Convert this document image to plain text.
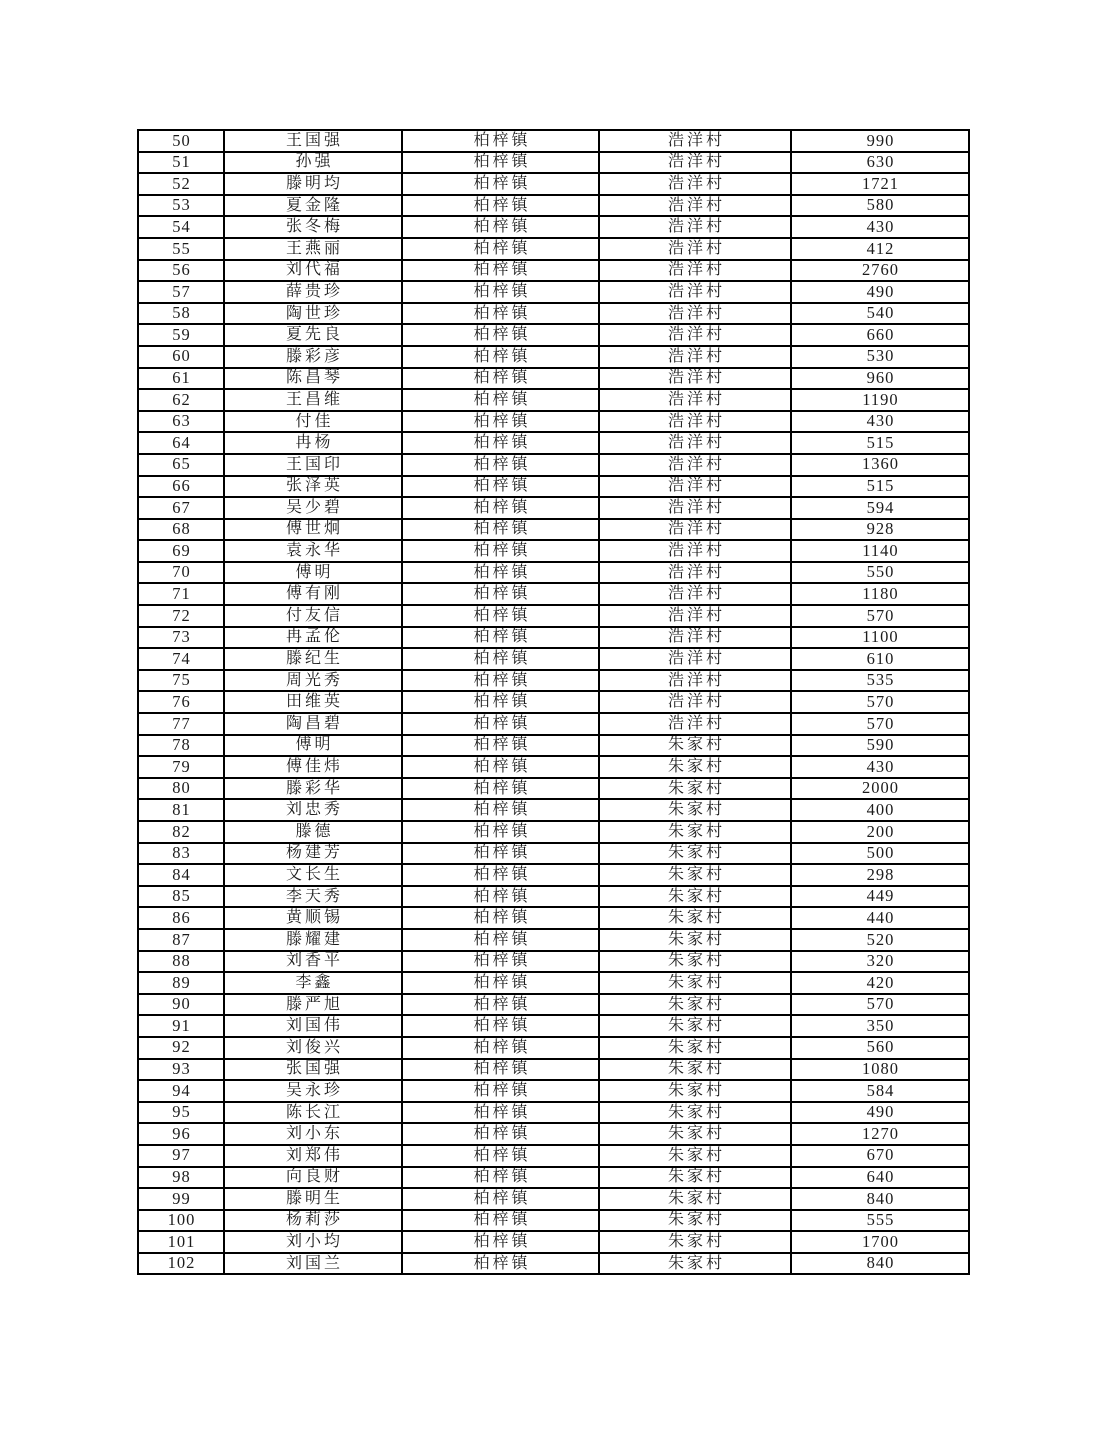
50	王国强	柏梓镇	浩洋村	990
51	孙强	柏梓镇	浩洋村	630
52	滕明均	柏梓镇	浩洋村	1721
53	夏金隆	柏梓镇	浩洋村	580
54	张冬梅	柏梓镇	浩洋村	430
55	王燕丽	柏梓镇	浩洋村	412
56	刘代福	柏梓镇	浩洋村	2760
57	薛贵珍	柏梓镇	浩洋村	490
58	陶世珍	柏梓镇	浩洋村	540
59	夏先良	柏梓镇	浩洋村	660
60	滕彩彦	柏梓镇	浩洋村	530
61	陈昌琴	柏梓镇	浩洋村	960
62	王昌维	柏梓镇	浩洋村	1190
63	付佳	柏梓镇	浩洋村	430
64	冉杨	柏梓镇	浩洋村	515
65	王国印	柏梓镇	浩洋村	1360
66	张泽英	柏梓镇	浩洋村	515
67	吴少碧	柏梓镇	浩洋村	594
68	傅世炯	柏梓镇	浩洋村	928
69	袁永华	柏梓镇	浩洋村	1140
70	傅明	柏梓镇	浩洋村	550
71	傅有刚	柏梓镇	浩洋村	1180
72	付友信	柏梓镇	浩洋村	570
73	冉孟伦	柏梓镇	浩洋村	1100
74	滕纪生	柏梓镇	浩洋村	610
75	周光秀	柏梓镇	浩洋村	535
76	田维英	柏梓镇	浩洋村	570
77	陶昌碧	柏梓镇	浩洋村	570
78	傅明	柏梓镇	朱家村	590
79	傅佳炜	柏梓镇	朱家村	430
80	滕彩华	柏梓镇	朱家村	2000
81	刘忠秀	柏梓镇	朱家村	400
82	滕德	柏梓镇	朱家村	200
83	杨建芳	柏梓镇	朱家村	500
84	文长生	柏梓镇	朱家村	298
85	李天秀	柏梓镇	朱家村	449
86	黄顺锡	柏梓镇	朱家村	440
87	滕耀建	柏梓镇	朱家村	520
88	刘香平	柏梓镇	朱家村	320
89	李鑫	柏梓镇	朱家村	420
90	滕严旭	柏梓镇	朱家村	570
91	刘国伟	柏梓镇	朱家村	350
92	刘俊兴	柏梓镇	朱家村	560
93	张国强	柏梓镇	朱家村	1080
94	吴永珍	柏梓镇	朱家村	584
95	陈长江	柏梓镇	朱家村	490
96	刘小东	柏梓镇	朱家村	1270
97	刘郑伟	柏梓镇	朱家村	670
98	向良财	柏梓镇	朱家村	640
99	滕明生	柏梓镇	朱家村	840
100	杨莉莎	柏梓镇	朱家村	555
101	刘小均	柏梓镇	朱家村	1700
102	刘国兰	柏梓镇	朱家村	840
